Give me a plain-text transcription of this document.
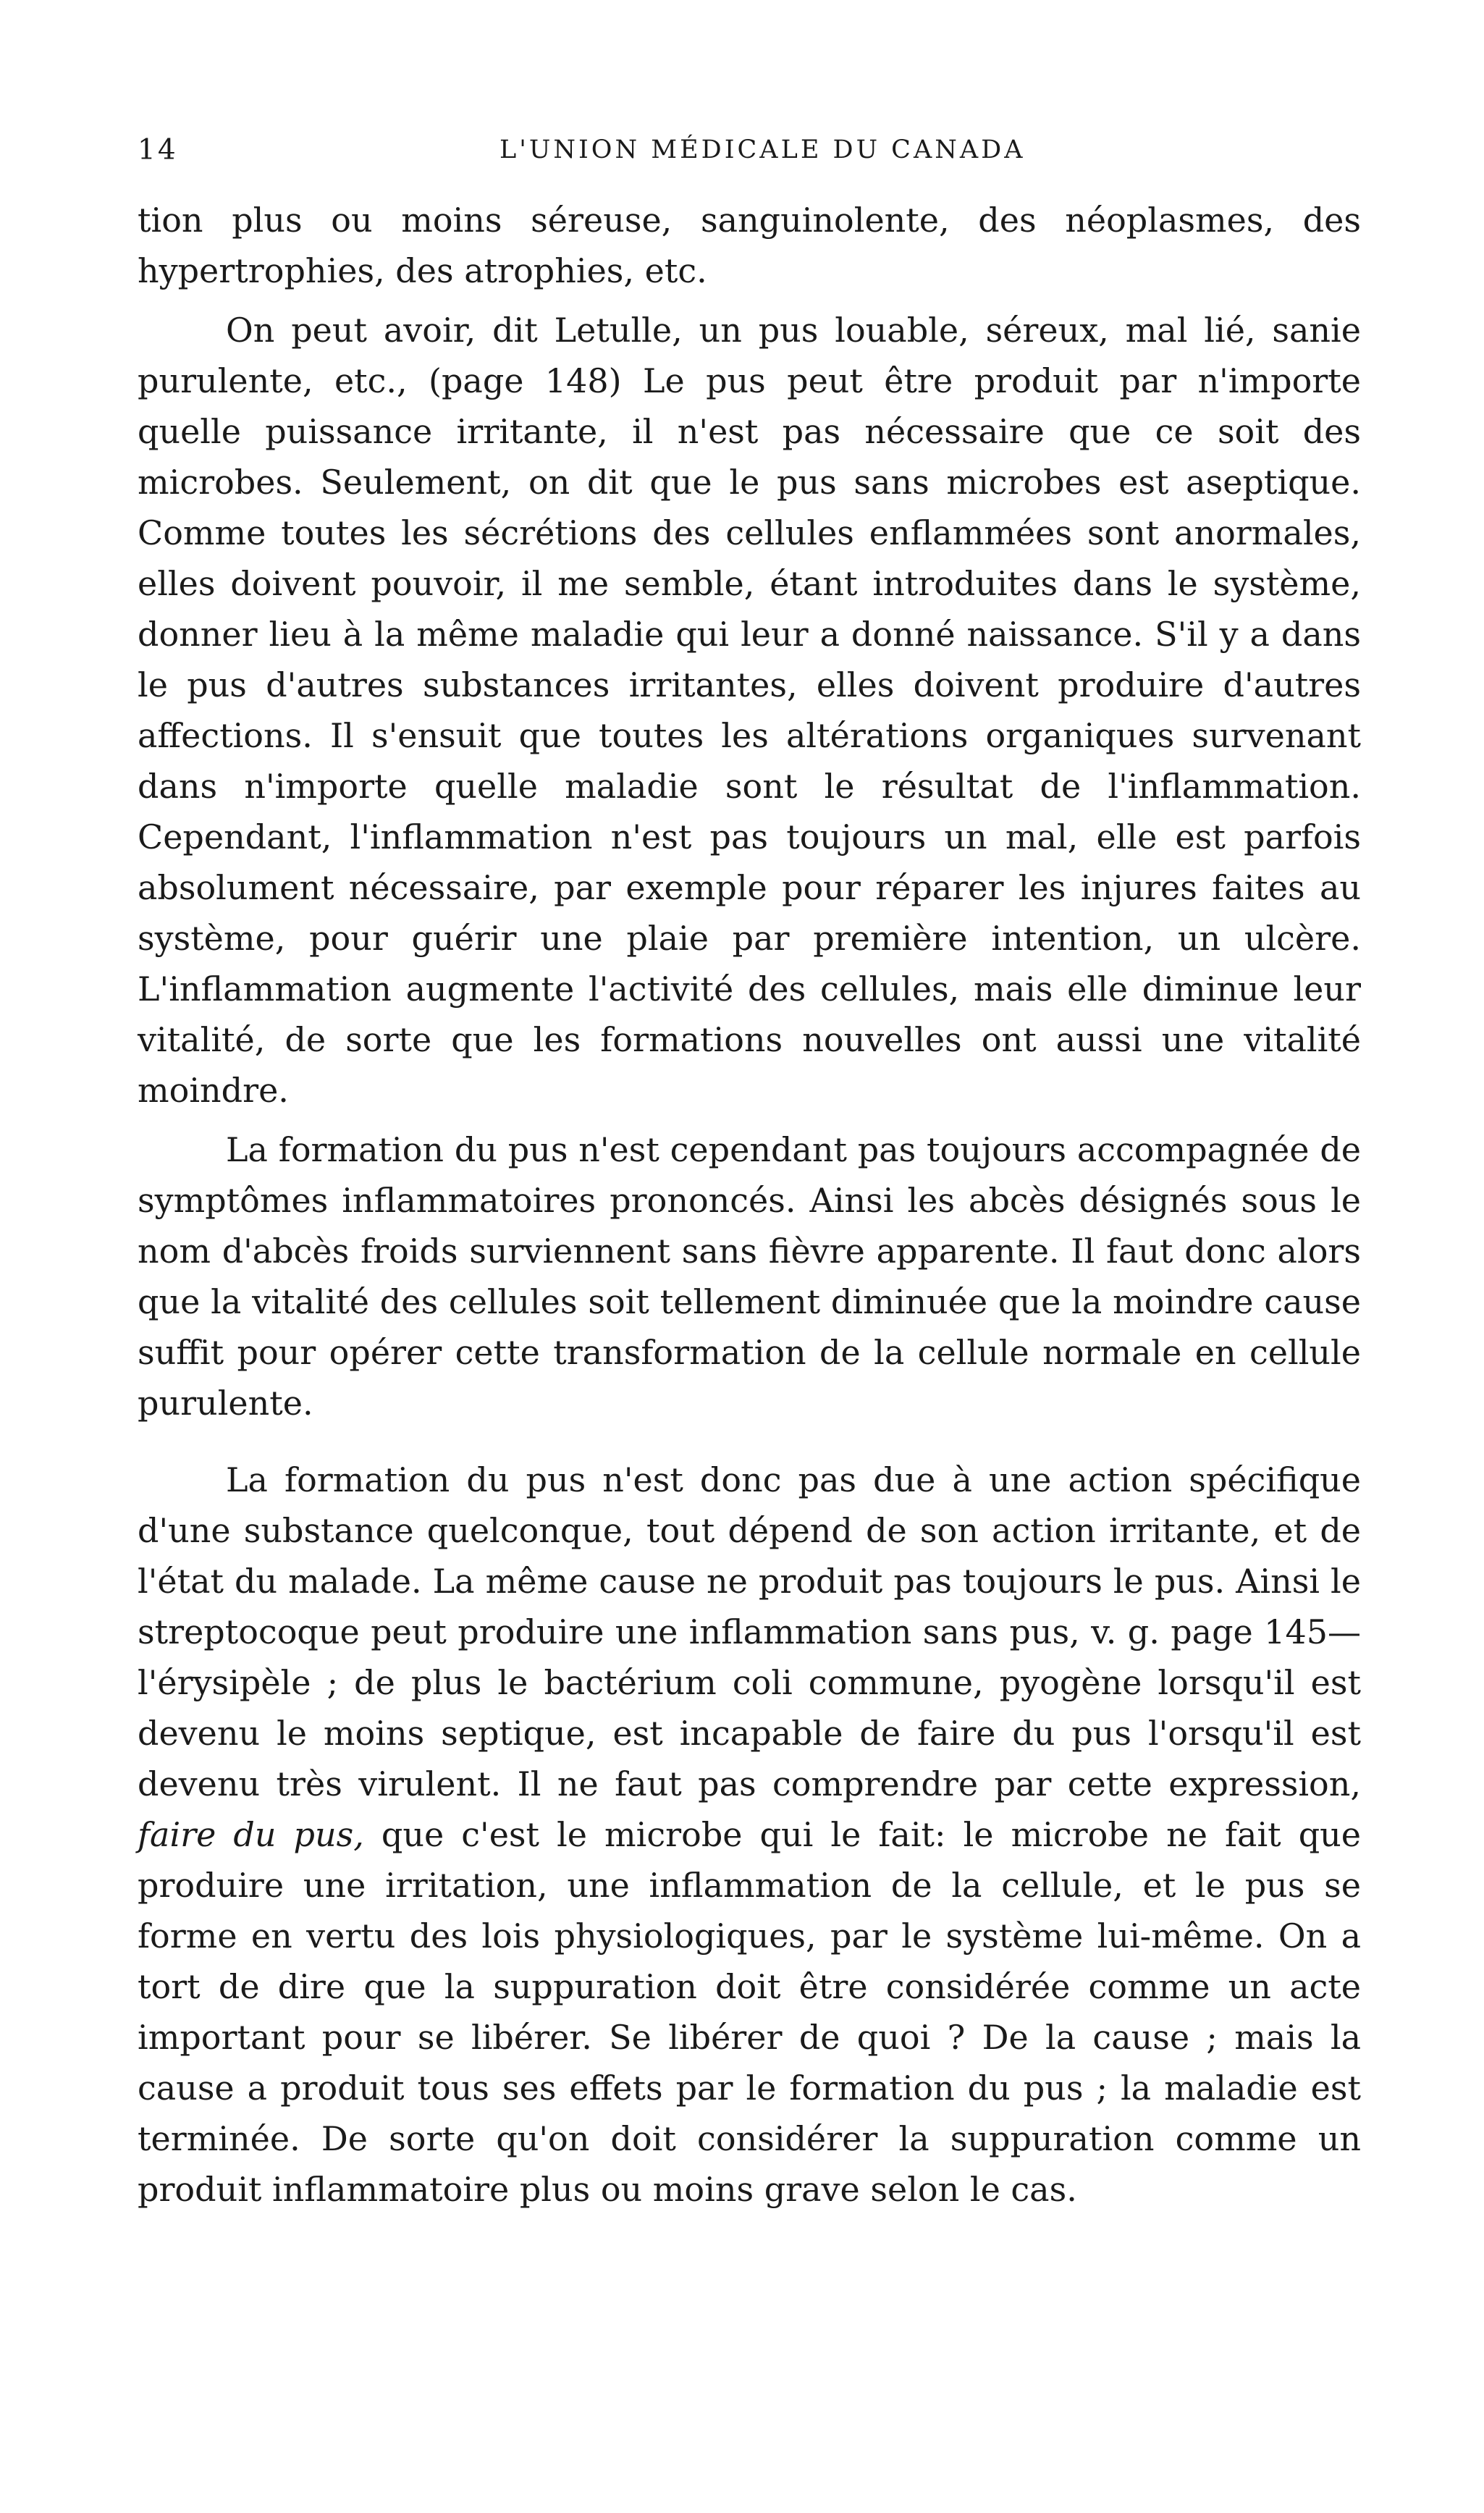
14	L'UNION MÉDICALE DU CANADA

tion plus ou moins séreuse, sanguinolente, des néoplasmes, des hypertrophies, des atrophies, etc.

On peut avoir, dit Letulle, un pus louable, séreux, mal lié, sanie purulente, etc., (page 148) Le pus peut être produit par n'importe quelle puissance irritante, il n'est pas nécessaire que ce soit des microbes. Seulement, on dit que le pus sans microbes est aseptique. Comme toutes les sécrétions des cellules enflammées sont anormales, elles doivent pouvoir, il me semble, étant introduites dans le système, donner lieu à la même maladie qui leur a donné naissance. S'il y a dans le pus d'autres substances irritantes, elles doivent produire d'autres affections. Il s'ensuit que toutes les altérations organiques survenant dans n'importe quelle maladie sont le résultat de l'inflammation. Cependant, l'inflammation n'est pas toujours un mal, elle est parfois absolument nécessaire, par exemple pour réparer les injures faites au système, pour guérir une plaie par première intention, un ulcère. L'inflammation augmente l'activité des cellules, mais elle diminue leur vitalité, de sorte que les formations nouvelles ont aussi une vitalité moindre.

La formation du pus n'est cependant pas toujours accompagnée de symptômes inflammatoires prononcés. Ainsi les abcès désignés sous le nom d'abcès froids surviennent sans fièvre apparente. Il faut donc alors que la vitalité des cellules soit tellement diminuée que la moindre cause suffit pour opérer cette transformation de la cellule normale en cellule purulente.

La formation du pus n'est donc pas due à une action spécifique d'une substance quelconque, tout dépend de son action irritante, et de l'état du malade. La même cause ne produit pas toujours le pus. Ainsi le streptocoque peut produire une inflammation sans pus, v. g. page 145—l'érysipèle ; de plus le bactérium coli commune, pyogène lorsqu'il est devenu le moins septique, est incapable de faire du pus l'orsqu'il est devenu très virulent. Il ne faut pas comprendre par cette expression, faire du pus, que c'est le microbe qui le fait: le microbe ne fait que produire une irritation, une inflammation de la cellule, et le pus se forme en vertu des lois physiologiques, par le système lui-même. On a tort de dire que la suppuration doit être considérée comme un acte important pour se libérer. Se libérer de quoi ? De la cause ; mais la cause a produit tous ses effets par le formation du pus ; la maladie est terminée. De sorte qu'on doit considérer la suppuration comme un produit inflammatoire plus ou moins grave selon le cas.
